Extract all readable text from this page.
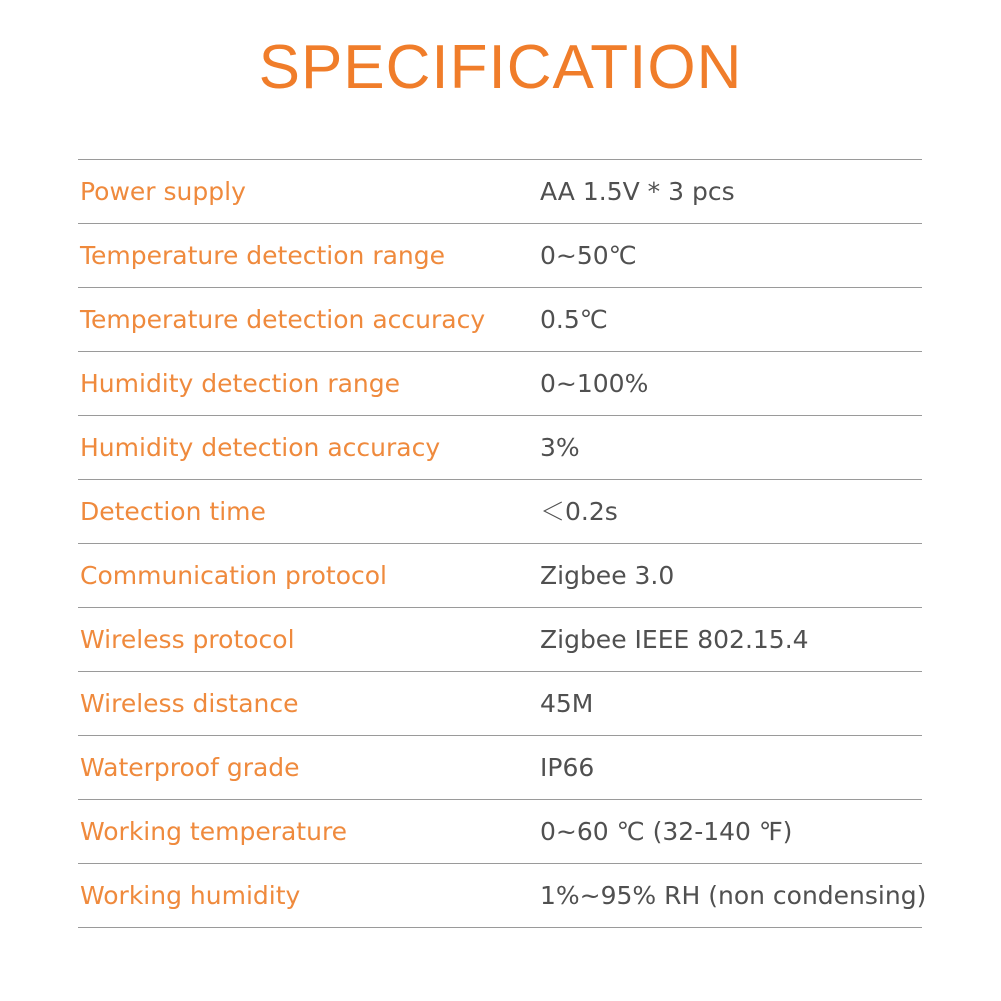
SPECIFICATION
Power supply	AA 1.5V * 3 pcs
Temperature detection range	0~50℃
Temperature detection accuracy 0.5℃
Humidity detection range	0~100%
Humidity detection accuracy	3%
Detection time	＜0.2s
Communication protocol	Zigbee 3.0
Wireless protocol	Zigbee IEEE 802.15.4
Wireless distance	45M
Waterproof grade	IP66
Working temperature	0~60 ℃ (32-140 ℉)
Working humidity	1%~95% RH (non condensing)
